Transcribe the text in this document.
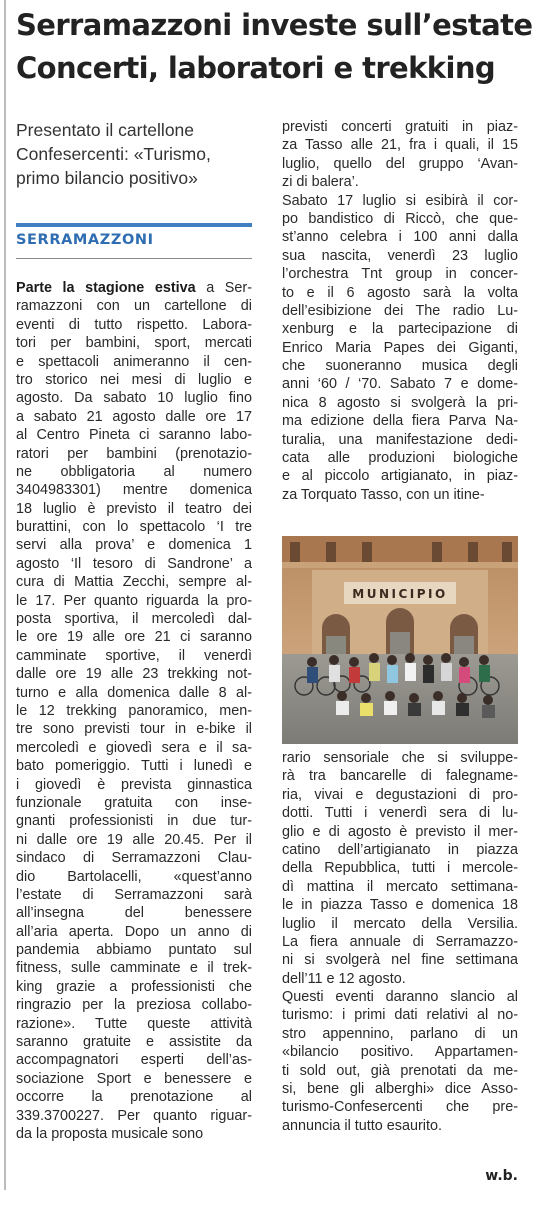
Serramazzoni investe sull’estate
Concerti, laboratori e trekking
Presentato il cartellone
Confesercenti: «Turismo,
primo bilancio positivo»
SERRAMAZZONI
Parte la stagione estiva a Ser-
ramazzoni con un cartellone di
eventi di tutto rispetto. Labora-
tori per bambini, sport, mercati
e spettacoli animeranno il cen-
tro storico nei mesi di luglio e
agosto. Da sabato 10 luglio fino
a sabato 21 agosto dalle ore 17
al Centro Pineta ci saranno labo-
ratori per bambini (prenotazio-
ne obbligatoria al numero
3404983301) mentre domenica
18 luglio è previsto il teatro dei
burattini, con lo spettacolo ‘I tre
servi alla prova’ e domenica 1
agosto ‘Il tesoro di Sandrone’ a
cura di Mattia Zecchi, sempre al-
le 17. Per quanto riguarda la pro-
posta sportiva, il mercoledì dal-
le ore 19 alle ore 21 ci saranno
camminate sportive, il venerdì
dalle ore 19 alle 23 trekking not-
turno e alla domenica dalle 8 al-
le 12 trekking panoramico, men-
tre sono previsti tour in e-bike il
mercoledì e giovedì sera e il sa-
bato pomeriggio. Tutti i lunedì e
i giovedì è prevista ginnastica
funzionale gratuita con inse-
gnanti professionisti in due tur-
ni dalle ore 19 alle 20.45. Per il
sindaco di Serramazzoni Clau-
dio Bartolacelli, «quest’anno
l’estate di Serramazzoni sarà
all’insegna del benessere
all’aria aperta. Dopo un anno di
pandemia abbiamo puntato sul
fitness, sulle camminate e il trek-
king grazie a professionisti che
ringrazio per la preziosa collabo-
razione». Tutte queste attività
saranno gratuite e assistite da
accompagnatori esperti dell’as-
sociazione Sport e benessere e
occorre la prenotazione al
339.3700227. Per quanto riguar-
da la proposta musicale sono
previsti concerti gratuiti in piaz-
za Tasso alle 21, fra i quali, il 15
luglio, quello del gruppo ‘Avan-
zi di balera’.
Sabato 17 luglio si esibirà il cor-
po bandistico di Riccò, che que-
st’anno celebra i 100 anni dalla
sua nascita, venerdì 23 luglio
l’orchestra Tnt group in concer-
to e il 6 agosto sarà la volta
dell’esibizione dei The radio Lu-
xenburg e la partecipazione di
Enrico Maria Papes dei Giganti,
che suoneranno musica degli
anni ‘60 / ‘70. Sabato 7 e dome-
nica 8 agosto si svolgerà la pri-
ma edizione della fiera Parva Na-
turalia, una manifestazione dedi-
cata alle produzioni biologiche
e al piccolo artigianato, in piaz-
za Torquato Tasso, con un itine-
MUNICIPIO
rario sensoriale che si sviluppe-
rà tra bancarelle di falegname-
ria, vivai e degustazioni di pro-
dotti. Tutti i venerdì sera di lu-
glio e di agosto è previsto il mer-
catino dell’artigianato in piazza
della Repubblica, tutti i mercole-
dì mattina il mercato settimana-
le in piazza Tasso e domenica 18
luglio il mercato della Versilia.
La fiera annuale di Serramazzo-
ni si svolgerà nel fine settimana
dell’11 e 12 agosto.
Questi eventi daranno slancio al
turismo: i primi dati relativi al no-
stro appennino, parlano di un
«bilancio positivo. Appartamen-
ti sold out, già prenotati da me-
si, bene gli alberghi» dice Asso-
turismo-Confesercenti che pre-
annuncia il tutto esaurito.
w.b.
